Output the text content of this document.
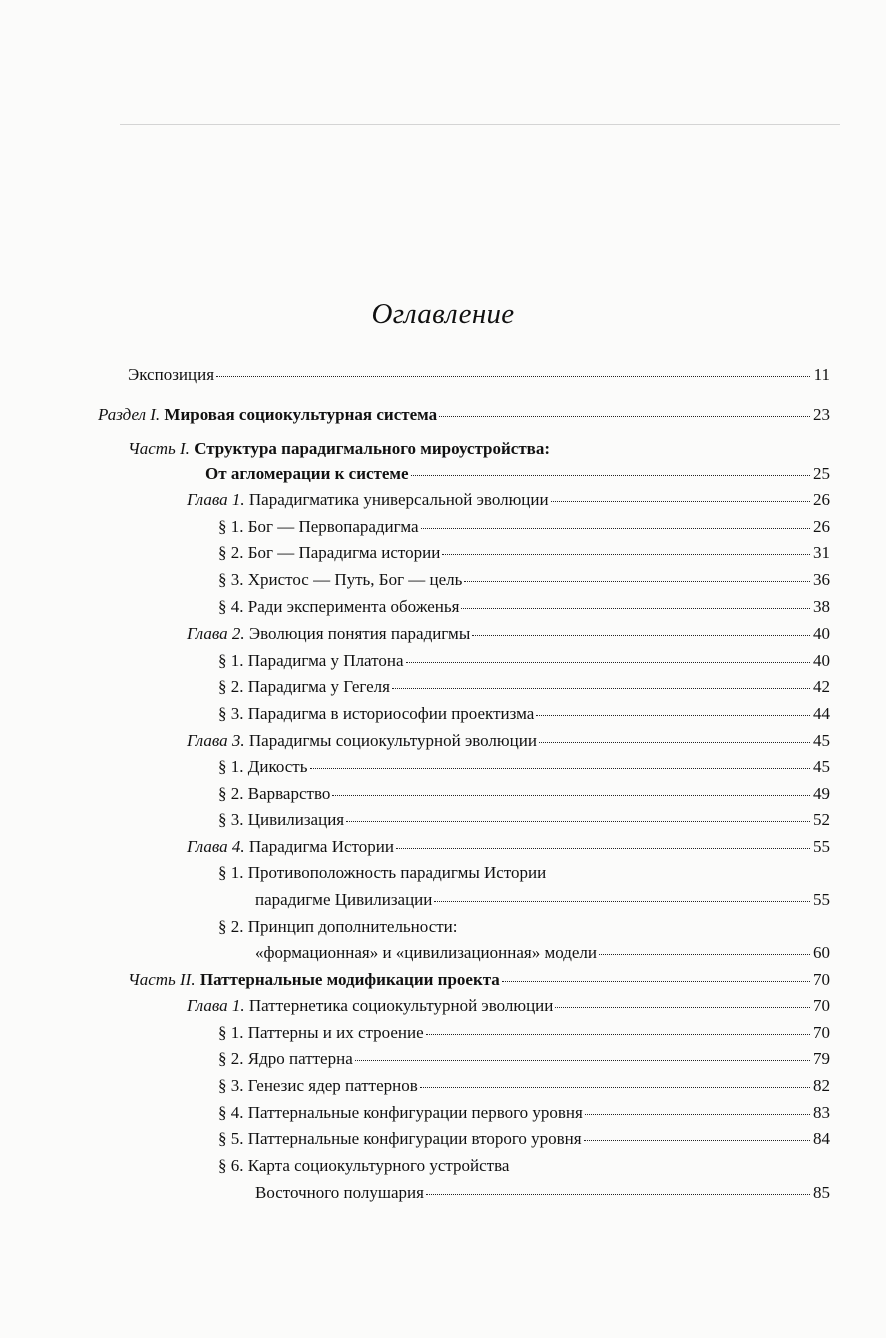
Оглавление
Экспозиция	11
Раздел I. Мировая социокультурная система	23
Часть I. Структура парадигмального мироустройства:
От агломерации к системе	25
Глава 1. Парадигматика универсальной эволюции	26
§ 1. Бог — Первопарадигма	26
§ 2. Бог — Парадигма истории	31
§ 3. Христос — Путь, Бог — цель	36
§ 4. Ради эксперимента обоженья	38
Глава 2. Эволюция понятия парадигмы	40
§ 1. Парадигма у Платона	40
§ 2. Парадигма у Гегеля	42
§ 3. Парадигма в историософии проектизма	44
Глава 3. Парадигмы социокультурной эволюции	45
§ 1. Дикость	45
§ 2. Варварство	49
§ 3. Цивилизация	52
Глава 4. Парадигма Истории	55
§ 1. Противоположность парадигмы Истории
парадигме Цивилизации	55
§ 2. Принцип дополнительности:
«формационная» и «цивилизационная» модели	60
Часть II. Паттернальные модификации проекта	70
Глава 1. Паттернетика социокультурной эволюции	70
§ 1. Паттерны и их строение	70
§ 2. Ядро паттерна	79
§ 3. Генезис ядер паттернов	82
§ 4. Паттернальные конфигурации первого уровня	83
§ 5. Паттернальные конфигурации второго уровня	84
§ 6. Карта социокультурного устройства
Восточного полушария	85
